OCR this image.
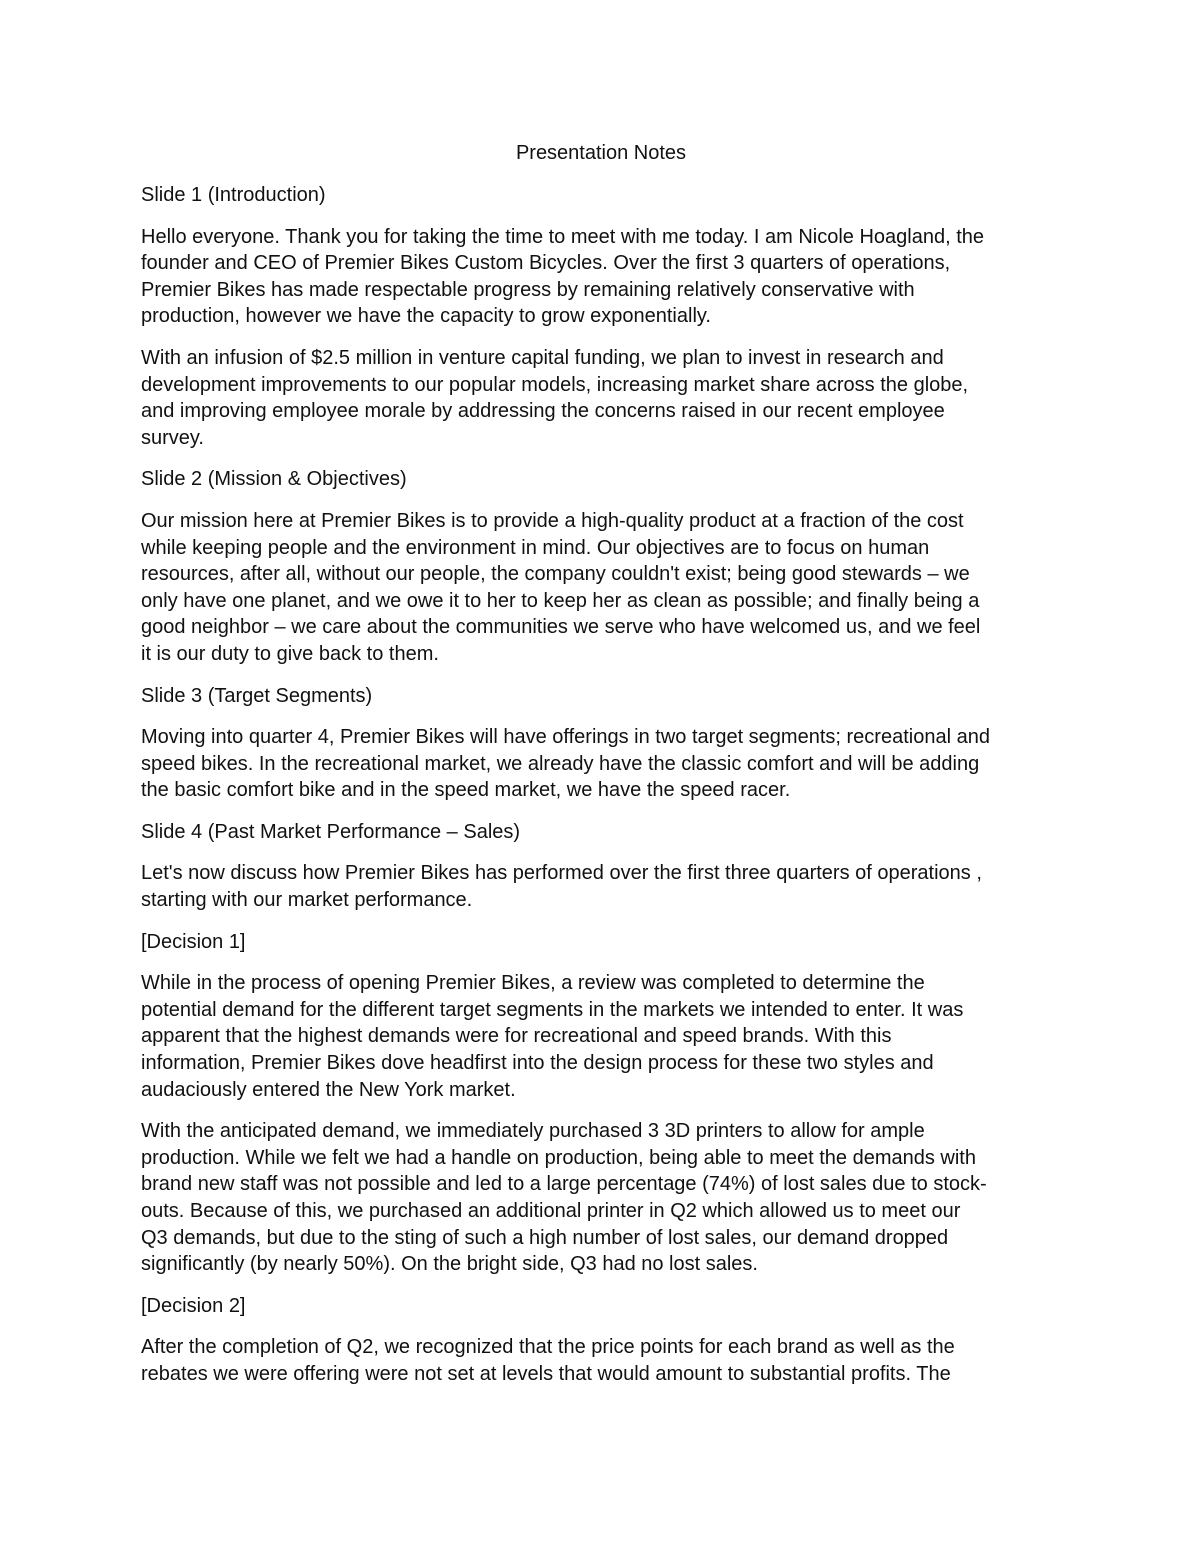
Presentation Notes
Slide 1 (Introduction)
Hello everyone. Thank you for taking the time to meet with me today. I am Nicole Hoagland, the
founder and CEO of Premier Bikes Custom Bicycles. Over the first 3 quarters of operations,
Premier Bikes has made respectable progress by remaining relatively conservative with
production, however we have the capacity to grow exponentially.
With an infusion of $2.5 million in venture capital funding, we plan to invest in research and
development improvements to our popular models, increasing market share across the globe,
and improving employee morale by addressing the concerns raised in our recent employee
survey.
Slide 2 (Mission & Objectives)
Our mission here at Premier Bikes is to provide a high-quality product at a fraction of the cost
while keeping people and the environment in mind. Our objectives are to focus on human
resources, after all, without our people, the company couldn't exist; being good stewards – we
only have one planet, and we owe it to her to keep her as clean as possible; and finally being a
good neighbor – we care about the communities we serve who have welcomed us, and we feel
it is our duty to give back to them.
Slide 3 (Target Segments)
Moving into quarter 4, Premier Bikes will have offerings in two target segments; recreational and
speed bikes. In the recreational market, we already have the classic comfort and will be adding
the basic comfort bike and in the speed market, we have the speed racer.
Slide 4 (Past Market Performance – Sales)
Let's now discuss how Premier Bikes has performed over the first three quarters of operations ,
starting with our market performance.
[Decision 1]
While in the process of opening Premier Bikes, a review was completed to determine the
potential demand for the different target segments in the markets we intended to enter. It was
apparent that the highest demands were for recreational and speed brands. With this
information, Premier Bikes dove headfirst into the design process for these two styles and
audaciously entered the New York market.
With the anticipated demand, we immediately purchased 3 3D printers to allow for ample
production. While we felt we had a handle on production, being able to meet the demands with
brand new staff was not possible and led to a large percentage (74%) of lost sales due to stock-
outs. Because of this, we purchased an additional printer in Q2 which allowed us to meet our
Q3 demands, but due to the sting of such a high number of lost sales, our demand dropped
significantly (by nearly 50%). On the bright side, Q3 had no lost sales.
[Decision 2]
After the completion of Q2, we recognized that the price points for each brand as well as the
rebates we were offering were not set at levels that would amount to substantial profits. The
